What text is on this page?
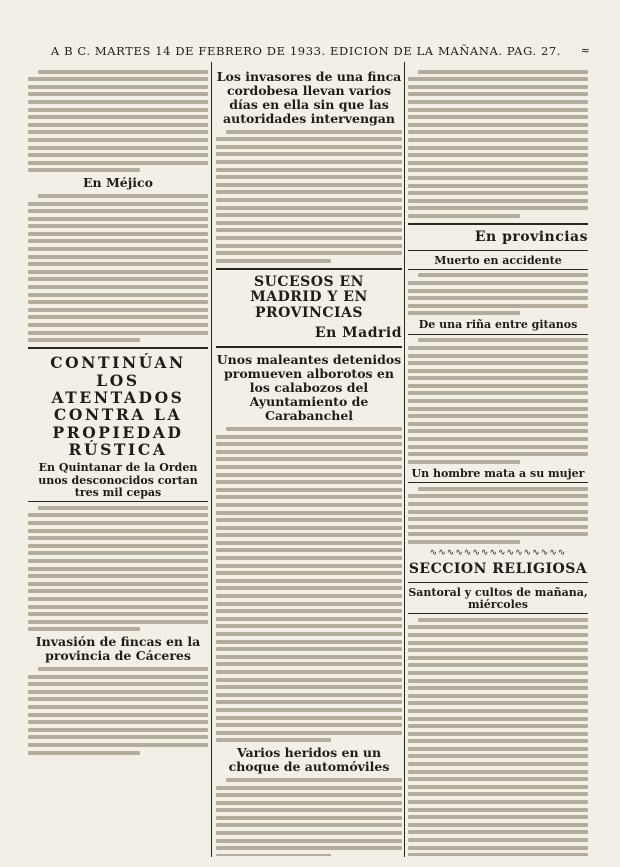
A B C. MARTES 14 DE FEBRERO DE 1933. EDICION DE LA MAÑANA. PAG. 27.	≈
En Méjico
CONTINÚAN LOS ATENTADOS CONTRA LA PROPIEDAD RÚSTICA
En Quintanar de la Orden unos desconocidos cortan tres mil cepas
Invasión de fincas en la provincia de Cáceres
Los invasores de una finca cordobesa llevan varios días en ella sin que las autoridades intervengan
SUCESOS EN MADRID Y EN PROVINCIAS
En Madrid
Unos maleantes detenidos promueven alborotos en los calabozos del Ayuntamiento de Carabanchel
Varios heridos en un choque de automóviles
En provincias
Muerto en accidente
De una riña entre gitanos
Un hombre mata a su mujer
∿∿∿∿∿∿∿∿∿∿∿∿∿∿∿∿
SECCION RELIGIOSA
Santoral y cultos de mañana, miércoles
